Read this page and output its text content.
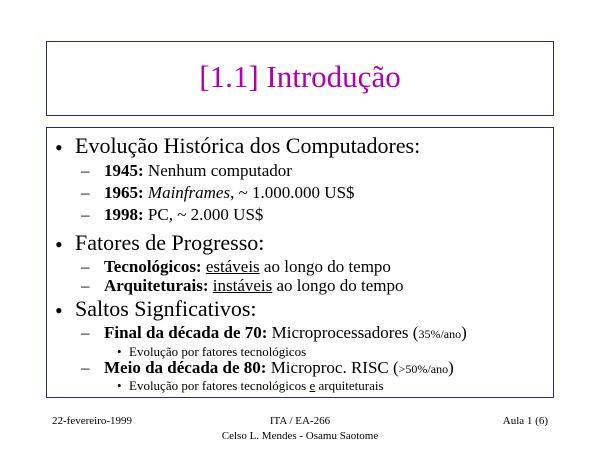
[1.1] Introdução
• Evolução Histórica dos Computadores:
– 1945: Nenhum computador
– 1965: Mainframes, ~ 1.000.000 US$
– 1998: PC, ~ 2.000 US$
• Fatores de Progresso:
– Tecnológicos: estáveis ao longo do tempo
– Arquiteturais: instáveis ao longo do tempo
• Saltos Signficativos:
– Final da década de 70: Microprocessadores (35%/ano)
• Evolução por fatores tecnológicos
– Meio da década de 80: Microproc. RISC (>50%/ano)
• Evolução por fatores tecnológicos e arquiteturais
22-fevereiro-1999	ITA / EA-266
Celso L. Mendes - Osamu Saotome
Aula 1 (6)
